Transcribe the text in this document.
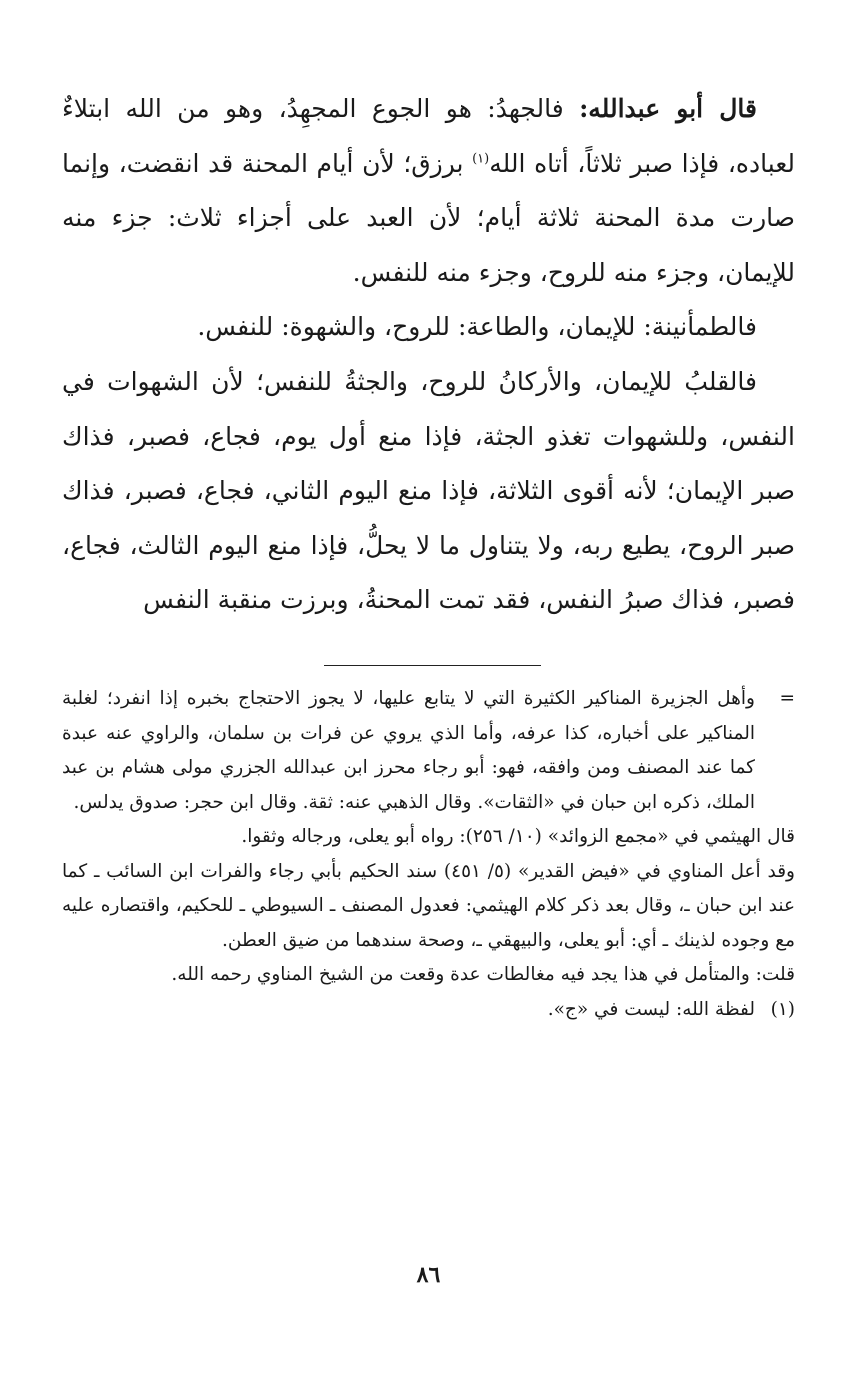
قال أبو عبدالله: فالجهدُ: هو الجوع المجهِدُ، وهو من الله ابتلاءٌ لعباده، فإذا صبر ثلاثاً، أتاه الله$^{(١)}$ برزق؛ لأن أيام المحنة قد انقضت، وإنما صارت مدة المحنة ثلاثة أيام؛ لأن العبد على أجزاء ثلاث: جزء منه للإيمان، وجزء منه للروح، وجزء منه للنفس.

فالطمأنينة: للإيمان، والطاعة: للروح، والشهوة: للنفس.

فالقلبُ للإيمان، والأركانُ للروح، والجثةُ للنفس؛ لأن الشهوات في النفس، وللشهوات تغذو الجثة، فإذا منع أول يوم، فجاع، فصبر، فذاك صبر الإيمان؛ لأنه أقوى الثلاثة، فإذا منع اليوم الثاني، فجاع، فصبر، فذاك صبر الروح، يطيع ربه، ولا يتناول ما لا يحلُّ، فإذا منع اليوم الثالث، فجاع، فصبر، فذاك صبرُ النفس، فقد تمت المحنةُ، وبرزت منقبة النفس

=
وأهل الجزيرة المناكير الكثيرة التي لا يتابع عليها، لا يجوز الاحتجاج بخبره إذا انفرد؛ لغلبة المناكير على أخباره، كذا عرفه، وأما الذي يروي عن فرات بن سلمان، والراوي عنه عبدة كما عند المصنف ومن وافقه، فهو: أبو رجاء محرز ابن عبدالله الجزري مولى هشام بن عبد الملك، ذكره ابن حبان في «الثقات». وقال الذهبي عنه: ثقة. وقال ابن حجر: صدوق يدلس.

قال الهيثمي في «مجمع الزوائد» (١٠/ ٢٥٦): رواه أبو يعلى، ورجاله وثقوا.

وقد أعل المناوي في «فيض القدير» (٥/ ٤٥١) سند الحكيم بأبي رجاء والفرات ابن السائب ـ كما عند ابن حبان ـ، وقال بعد ذكر كلام الهيثمي: فعدول المصنف ـ السيوطي ـ للحكيم، واقتصاره عليه مع وجوده لذينك ـ أي: أبو يعلى، والبيهقي ـ، وصحة سندهما من ضيق العطن.

قلت: والمتأمل في هذا يجد فيه مغالطات عدة وقعت من الشيخ المناوي رحمه الله.

(١)
لفظة الله: ليست في «ج».

٨٦
